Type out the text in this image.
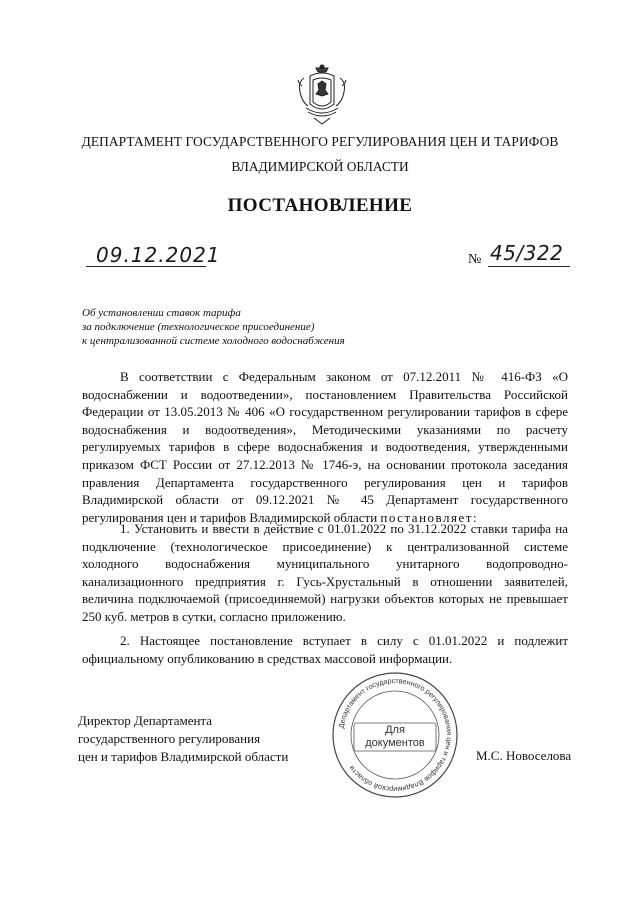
ДЕПАРТАМЕНТ ГОСУДАРСТВЕННОГО РЕГУЛИРОВАНИЯ ЦЕН И ТАРИФОВ
ВЛАДИМИРСКОЙ ОБЛАСТИ
ПОСТАНОВЛЕНИЕ
09.12.2021	№ 45/322
Об установлении ставок тарифа
за подключение (технологическое присоединение)
к централизованной системе холодного водоснабжения

В соответствии с Федеральным законом от 07.12.2011 № 416-ФЗ «О водоснабжении и водоотведении», постановлением Правительства Российской Федерации от 13.05.2013 № 406 «О государственном регулировании тарифов в сфере водоснабжения и водоотведения», Методическими указаниями по расчету регулируемых тарифов в сфере водоснабжения и водоотведения, утвержденными приказом ФСТ России от 27.12.2013 № 1746-э, на основании протокола заседания правления Департамента государственного регулирования цен и тарифов Владимирской области от 09.12.2021 № 45 Департамент государственного регулирования цен и тарифов Владимирской области постановляет:

1. Установить и ввести в действие с 01.01.2022 по 31.12.2022 ставки тарифа на подключение (технологическое присоединение) к централизованной системе холодного водоснабжения муниципального унитарного водопроводно-канализационного предприятия г. Гусь-Хрустальный в отношении заявителей, величина подключаемой (присоединяемой) нагрузки объектов которых не превышает 250 куб. метров в сутки, согласно приложению.

2. Настоящее постановление вступает в силу с 01.01.2022 и подлежит официальному опубликованию в средствах массовой информации.

Директор Департамента
государственного регулирования
цен и тарифов Владимирской области	М.С. Новоселова
Департамент государственного регулирования цен и тарифов Владимирской области
Для
документов
